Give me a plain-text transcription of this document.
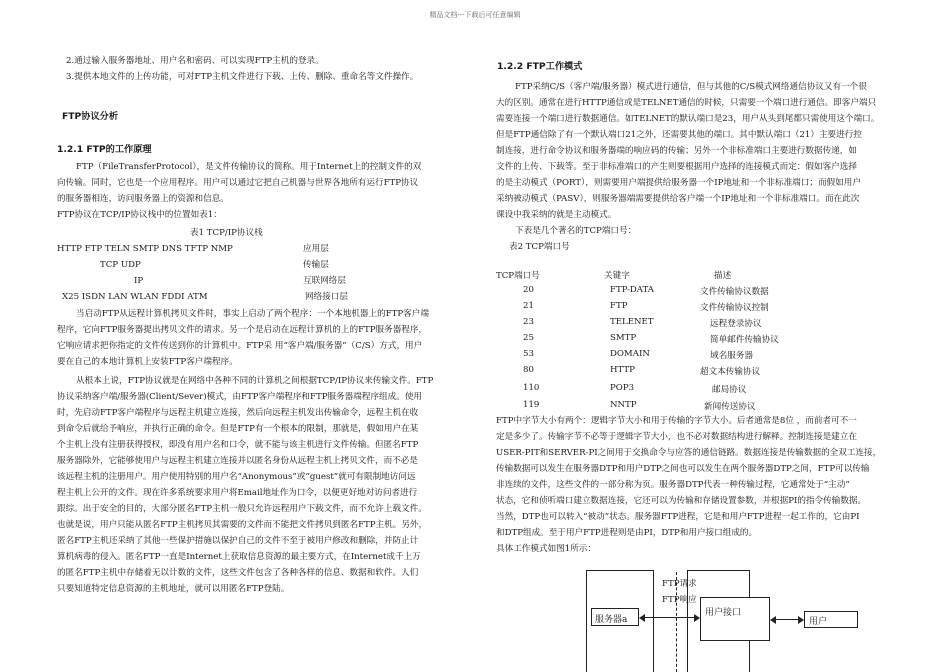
精品文档---下载后可任意编辑
2.通过输入服务器地址、用户名和密码、可以实现FTP主机的登录。
3.提供本地文件的上传功能，可对FTP主机文件进行下载、上传、删除、重命名等文件操作。
FTP协议分析
1.2.1 FTP的工作原理
FTP（FileTransferProtocol），是文件传输协议的简称。用于Internet上的控制文件的双
向传输。同时，它也是一个应用程序。用户可以通过它把自己机器与世界各地所有运行FTP协议
的服务器相连，访问服务器上的资源和信息。
FTP协议在TCP/IP协议栈中的位置如表1：
表1 TCP/IP协议栈
HTTP FTP TELN SMTP DNS TFTP NMP	应用层
TCP UDP	传输层
IP	互联网络层
X25 ISDN LAN WLAN FDDI ATM	网络接口层
当启动FTP从远程计算机拷贝文件时，事实上启动了两个程序：一个本地机器上的FTP客户端
程序，它向FTP服务器提出拷贝文件的请求。另一个是启动在远程计算机的上的FTP服务器程序，
它响应请求把你指定的文件传送到你的计算机中。FTP采 用“客户端/服务器”（C/S）方式，用户
要在自己的本地计算机上安装FTP客户端程序。
从根本上说，FTP协议就是在网络中各种不同的计算机之间根据TCP/IP协议来传输文件。FTP
协议采纳客户端/服务器(Client/Sever)模式，由FTP客户端程序和FTP服务器端程序组成。使用
时，先启动FTP客户端程序与远程主机建立连接，然后向远程主机发出传输命令，远程主机在收
到命令后就给予响应，并执行正确的命令。但是FTP有一个根本的限制，那就是，假如用户在某
个主机上没有注册获得授权，即没有用户名和口令，就不能与该主机进行文件传输。但匿名FTP
服务器除外，它能够使用户与远程主机建立连接并以匿名身份从远程主机上拷贝文件，而不必是
该远程主机的注册用户。用户使用特别的用户名“Anonymous”或“guest”就可有限制地访问远
程主机上公开的文件。现在许多系统要求用户将Email地址作为口令，以便更好地对访问者进行
跟综。出于安全的目的，大部分匿名FTP主机一般只允许远程用户下载文件，而不允许上载文件。
也就是说，用户只能从匿名FTP主机拷贝其需要的文件而不能把文件拷贝到匿名FTP主机。另外，
匿名FTP主机还采纳了其他一些保护措施以保护自己的文件不至于被用户修改和删除，并防止计
算机病毒的侵入。匿名FTP一直是Internet上获取信息资源的最主要方式，在Internet成千上万
的匿名FTP主机中存储着无以计数的文件，这些文件包含了各种各样的信息、数据和软件。人们
只要知道特定信息资源的主机地址，就可以用匿名FTP登陆。
1.2.2 FTP工作模式
FTP采纳C/S（客户端/服务器）模式进行通信，但与其他的C/S模式网络通信协议又有一个很
大的区别。通常在进行HTTP通信或是TELNET通信的时候，只需要一个端口进行通信。即客户端只
需要连接一个端口进行数据通信。如TELNET的默认端口是23，用户从头到尾都只需使用这个端口。
但是FTP通信除了有一个默认端口21之外，还需要其他的端口。其中默认端口（21）主要进行控
制连接，进行命令协议和服务器端的响应码的传输；另外一个非标准端口主要进行数据传递，如
文件的上传、下载等。至于非标准端口的产生则要根据用户选择的连接模式而定：假如客户选择
的是主动模式（PORT），则需要用户端提供给服务器一个IP地址和一个非标准端口；而假如用户
采纳被动模式（PASV），则服务器端需要提供给客户端一个IP地址和一个非标准端口。而在此次
课设中我采纳的就是主动模式。
下表是几个著名的TCP端口号：
表2 TCP端口号
TCP端口号	关键字	描述
20	FTP-DATA	文件传输协议数据
21	FTP	文件传输协议控制
23	TELENET	远程登录协议
25	SMTP	简单邮件传输协议
53	DOMAIN	域名服务器
80	HTTP	超文本传输协议
110	POP3	邮局协议
119	NNTP	新闻传送协议
FTP中字节大小有两个：逻辑字节大小和用于传输的字节大小。后者通常是8位 ，而前者可不一
定是多少了。传输字节不必等于逻辑字节大小，也不必对数据结构进行解释。控制连接是建立在
USER-PIT和SERVER-PI之间用于交换命令与应答的通信链路。数据连接是传输数据的全双工连接，
传输数据可以发生在服务器DTP和用户DTP之间也可以发生在两个服务器DTP之间，FTP可以传输
非连续的文件，这些文件的一部分称为页。服务器DTP代表一种传输过程，它通常处于“主动”
状态，它和侦听端口建立数据连接，它还可以为传输和存储设置参数，并根据PI的指令传输数据。
当然，DTP也可以转入“被动”状态。服务器FTP进程，它是和用户FTP进程一起工作的，它由PI
和DTP组成。至于用户FTP进程则是由PI，DTP和用户接口组成的。
具体工作模式如图1所示：
FTP请求
FTP响应
服务器a
用户接口
用户
